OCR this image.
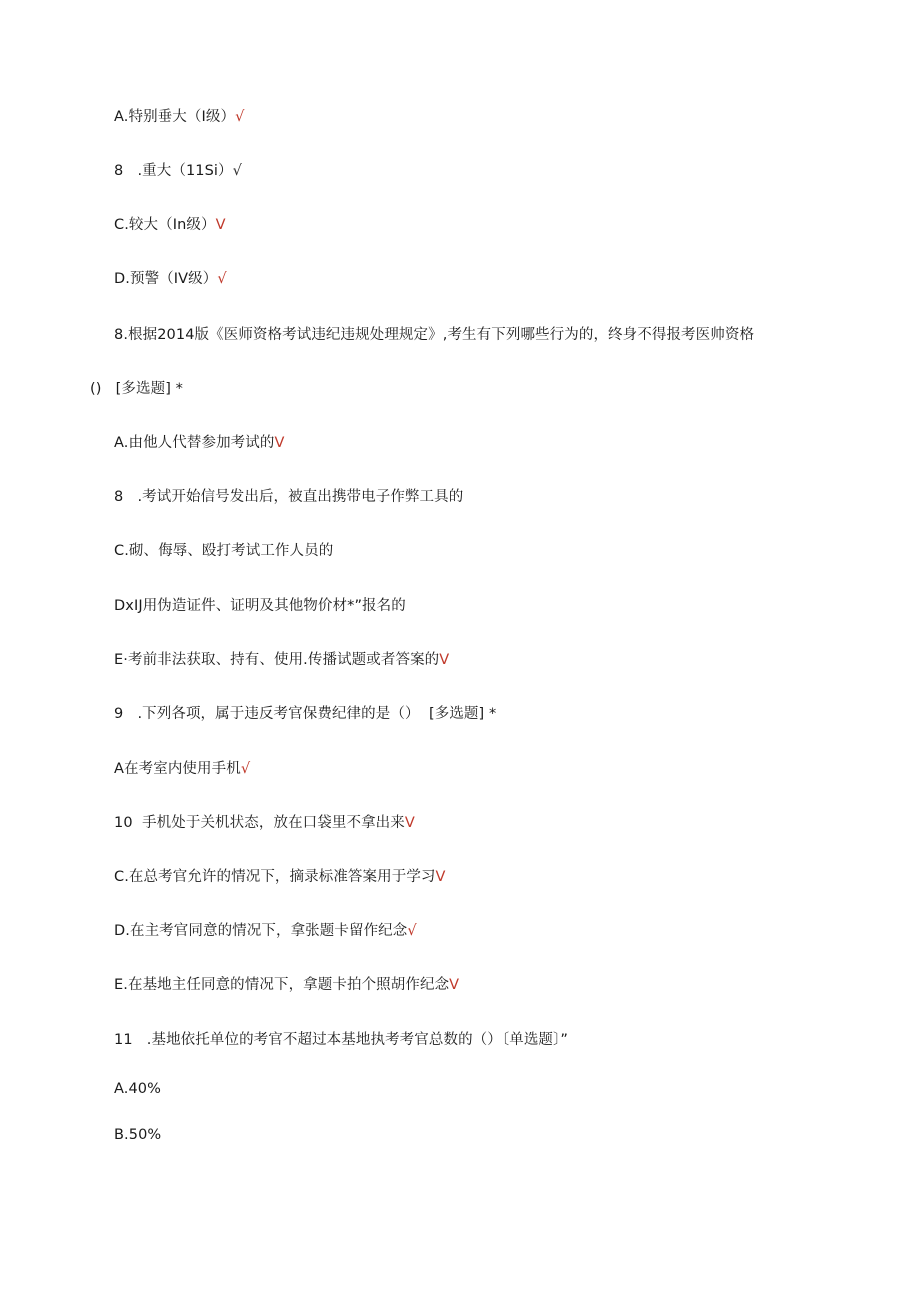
A.特别垂大（I级）√
8   .重大（11Si）√
C.较大（In级）V
D.预警（IV级）√
8.根据2014版《医师资格考试违纪违规处理规定》,考生有下列哪些行为的，终身不得报考医帅资格
()   [多选题] *
A.由他人代替参加考试的V
8   .考试开始信号发出后，被直出携带电子作弊工具的
C.砌、侮辱、殴打考试工作人员的
DxIJ用伪造证件、证明及其他物价材*”报名的
E·考前非法获取、持有、使用.传播试题或者答案的V
9   .下列各项，属于违反考官保费纪律的是（）  [多选题] *
A在考室内使用手机√
10  手机处于关机状态，放在口袋里不拿出来V
C.在总考官允许的情况下，摘录标准答案用于学习V
D.在主考官同意的情况下，拿张题卡留作纪念√
E.在基地主任同意的情况下，拿题卡拍个照胡作纪念V
11   .基地依托单位的考官不超过本基地执考考官总数的（）〔单选题〕”
A.40%
B.50%
